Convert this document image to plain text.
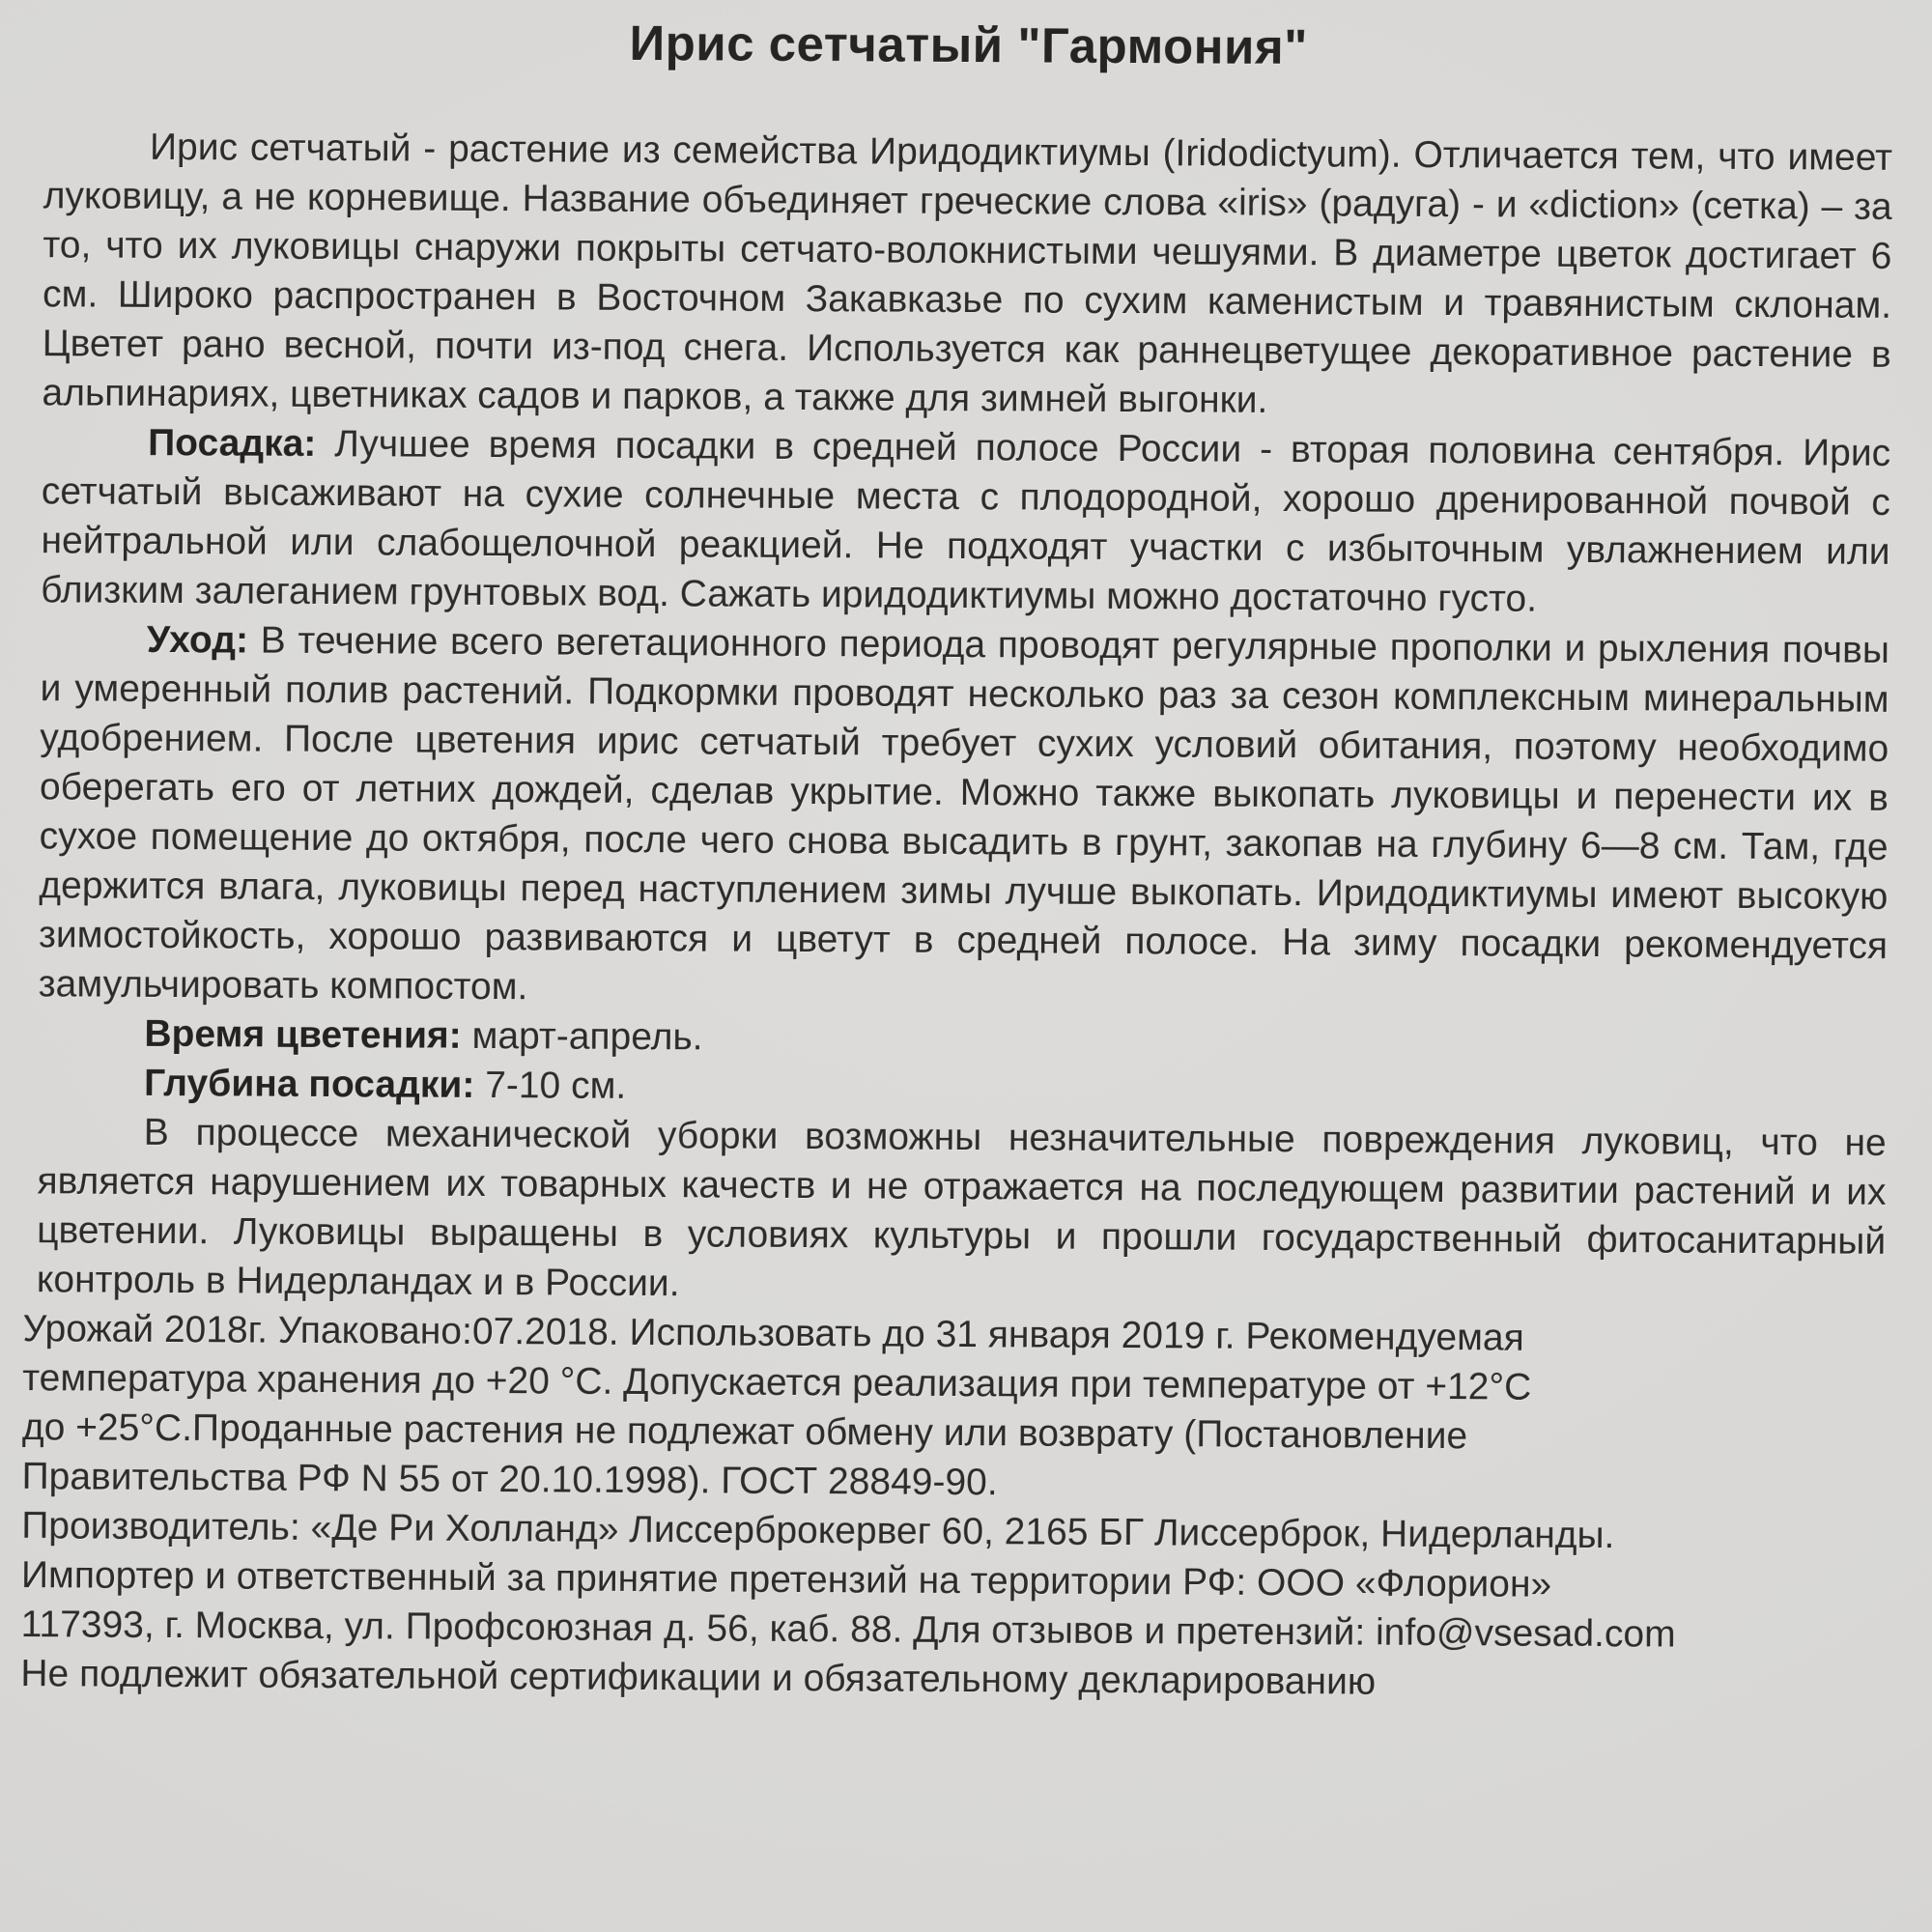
Ирис сетчатый "Гармония"

Ирис сетчатый - растение из семейства Иридодиктиумы (Iridodictyum). Отличается тем, что имеет луковицу, а не корневище. Название объединяет греческие слова «iris» (радуга) - и «diction» (сетка) – за то, что их луковицы снаружи покрыты сетчато-волокнистыми чешуями. В диаметре цветок достигает 6 см. Широко распространен в Восточном Закавказье по сухим каменистым и травянистым склонам. Цветет рано весной, почти из-под снега. Используется как раннецветущее декоративное растение в альпинариях, цветниках садов и парков, а также для зимней выгонки.

Посадка: Лучшее время посадки в средней полосе России - вторая половина сентября. Ирис сетчатый высаживают на сухие солнечные места с плодородной, хорошо дренированной почвой с нейтральной или слабощелочной реакцией. Не подходят участки с избыточным увлажнением или близким залеганием грунтовых вод. Сажать иридодиктиумы можно достаточно густо.

Уход: В течение всего вегетационного периода проводят регулярные прополки и рыхления почвы и умеренный полив растений. Подкормки проводят несколько раз за сезон комплексным минеральным удобрением. После цветения ирис сетчатый требует сухих условий обитания, поэтому необходимо оберегать его от летних дождей, сделав укрытие. Можно также выкопать луковицы и перенести их в сухое помещение до октября, после чего снова высадить в грунт, закопав на глубину 6—8 см. Там, где держится влага, луковицы перед наступлением зимы лучше выкопать. Иридодиктиумы имеют высокую зимостойкость, хорошо развиваются и цветут в средней полосе. На зиму посадки рекомендуется замульчировать компостом.

Время цветения: март-апрель.

Глубина посадки: 7-10 см.

В процессе механической уборки возможны незначительные повреждения луковиц, что не является нарушением их товарных качеств и не отражается на последующем развитии растений и их цветении. Луковицы выращены в условиях культуры и прошли государственный фитосанитарный контроль в Нидерландах и в России.

Урожай 2018г. Упаковано:07.2018. Использовать до 31 января 2019 г. Рекомендуемая
температура хранения до +20 °С. Допускается реализация при температуре от +12°С
до +25°С.Проданные растения не подлежат обмену или возврату (Постановление
Правительства РФ N 55 от 20.10.1998). ГОСТ 28849-90.
Производитель: «Де Ри Холланд» Лиссерброкервег 60, 2165 БГ Лиссерброк, Нидерланды.
Импортер и ответственный за принятие претензий на территории РФ: ООО «Флорион»
117393, г. Москва, ул. Профсоюзная д. 56, каб. 88. Для отзывов и претензий: info@vsesad.com
Не подлежит обязательной сертификации и обязательному декларированию
